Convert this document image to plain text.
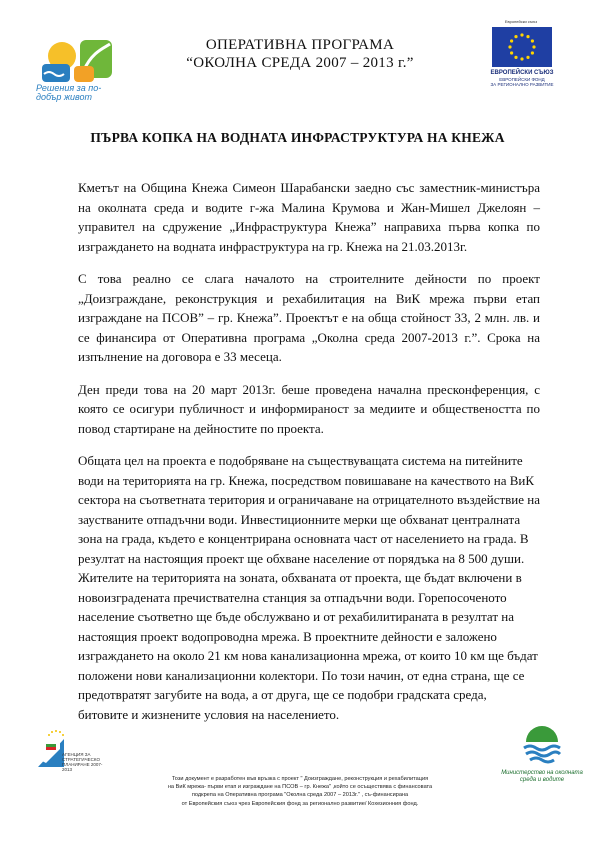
Решения за по-добър живот
ОПЕРАТИВНА ПРОГРАМА
“ОКОЛНА СРЕДА 2007 – 2013 г.”
Европейски съюз
ЕВРОПЕЙСКИ СЪЮЗ
ЕВРОПЕЙСКИ ФОНД
ЗА РЕГИОНАЛНО РАЗВИТИЕ
ПЪРВА КОПКА НА ВОДНАТА ИНФРАСТРУКТУРА НА КНЕЖА

Кметът на Община Кнежа Симеон Шарабански заедно със заместник-министъра на околната среда и водите г-жа Малина Крумова и Жан-Мишел Джелоян – управител на сдружение „Инфраструктура Кнежа” направиха първа копка по изграждането на водната инфраструктура на гр. Кнежа на 21.03.2013г.

С това реално се слага началото на строителните дейности по проект „Доизграждане, реконструкция и рехабилитация на ВиК мрежа първи етап изграждане на ПСОВ” – гр. Кнежа”. Проектът е на обща стойност 33, 2 млн. лв. и се финансира от Оперативна програма „Околна среда 2007-2013 г.”. Срока на изпълнение на договора е 33 месеца.

Ден преди това на 20 март 2013г. беше проведена начална пресконференция, с която се осигури публичност и информираност за медиите и обществеността по повод стартиране на дейностите по проекта.

Общата цел на проекта е подобряване на съществуващата система на питейните води на територията на гр. Кнежа, посредством повишаване на качеството на ВиК сектора на съответната територия и ограничаване на отрицателното въздействие на заустваните отпадъчни води. Инвестиционните мерки ще обхванат централната зона на града, където е концентрирана основната част от населението на града. В резултат на настоящия проект ще обхване население от порядъка на 8 500 души. Жителите на територията на зоната, обхваната от проекта, ще бъдат включени в новоизградената пречиствателна станция за отпадъчни води. Горепосоченото население съответно ще бъде обслужвано и от рехабилитираната в резултат на настоящия проект водопроводна мрежа. В проектните дейности е заложено изграждането на около 21 км нова канализационна мрежа, от които 10 км ще бъдат положени нови канализационни колектори. По този начин, от една страна, ще се предотвратят загубите на вода, а от друга, ще се подобри градската среда, битовите и жизнените условия на населението.

АГЕНЦИЯ ЗА СТРАТЕГИЧЕСКО ПЛАНИРАНЕ 2007-2013
Този документ е разработен във връзка с проект " Доизграждане, реконструкция и рехабилитация
на ВиК мрежа- първи етап и изграждане на ПСОВ – гр. Кнежа" ,който се осъществява с финансовата
подкрепа на Оперативна програма "Околна среда 2007 – 2013г." , съ-финансирана
от Европейския съюз чрез Европейския фонд за регионално развитие/ Кохезионния фонд.
Министерство на околната среда и водите
